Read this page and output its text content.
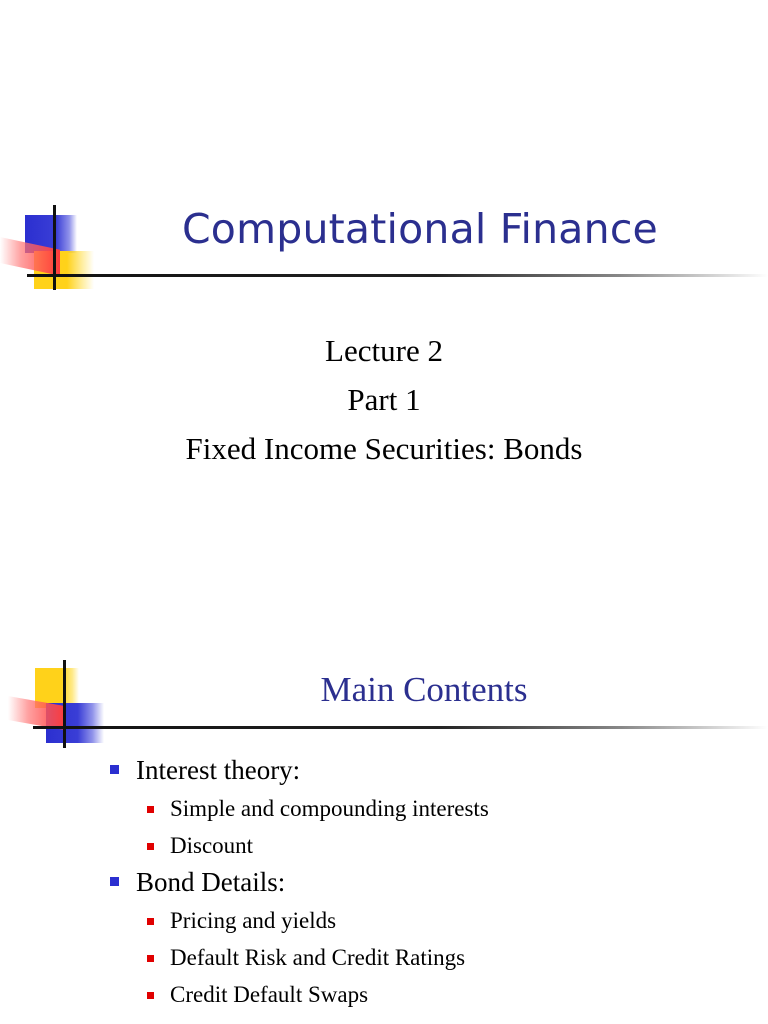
Computational Finance
Lecture 2
Part 1
Fixed Income Securities: Bonds
Main Contents
Interest theory:
Simple and compounding interests
Discount
Bond Details:
Pricing and yields
Default Risk and Credit Ratings
Credit Default Swaps
